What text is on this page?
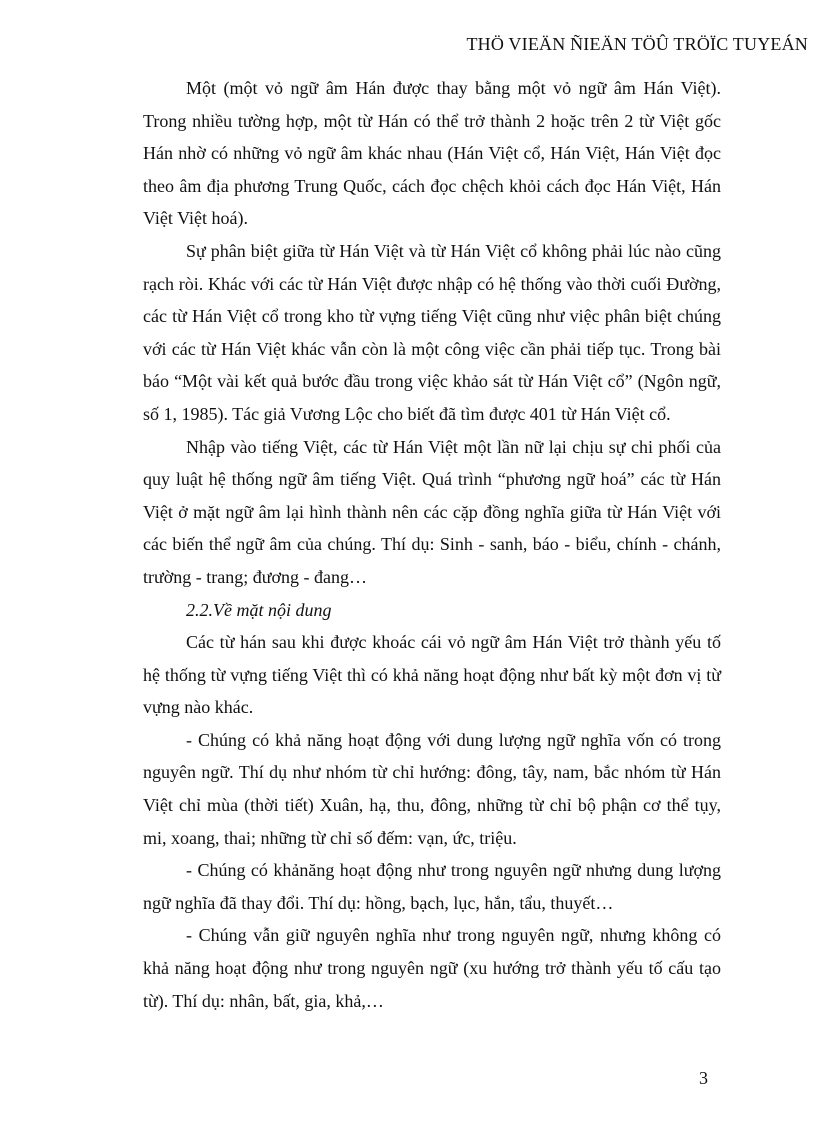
THÖ VIEÄN ÑIEÄN TÖÛ TRÖÏC TUYEÁN

Một (một vỏ ngữ âm Hán được thay bằng một vỏ ngữ âm Hán Việt). Trong nhiều tường hợp, một từ Hán có thể trở thành 2 hoặc trên 2 từ Việt gốc Hán nhờ có những vỏ ngữ âm khác nhau (Hán Việt cổ, Hán Việt, Hán Việt đọc theo âm địa phương Trung Quốc, cách đọc chệch khỏi cách đọc Hán Việt, Hán Việt Việt hoá).

Sự phân biệt giữa từ Hán Việt và từ Hán Việt cổ không phải lúc nào cũng rạch ròi. Khác với các từ Hán Việt được nhập có hệ thống vào thời cuối Đường, các từ Hán Việt cổ trong kho từ vựng tiếng Việt cũng như việc phân biệt chúng với các từ Hán Việt khác vẫn còn là một công việc cần phải tiếp tục. Trong bài báo “Một vài kết quả bước đầu trong việc khảo sát từ Hán Việt cổ” (Ngôn ngữ, số 1, 1985). Tác giả Vương Lộc cho biết đã tìm được 401 từ Hán Việt cổ.

Nhập vào tiếng Việt, các từ Hán Việt một lần nữ lại chịu sự chi phối của quy luật hệ thống ngữ âm tiếng Việt. Quá trình “phương ngữ hoá” các từ Hán Việt ở mặt ngữ âm lại hình thành nên các cặp đồng nghĩa giữa từ Hán Việt với các biến thể ngữ âm của chúng. Thí dụ: Sinh - sanh, báo - biểu, chính - chánh, trường - trang; đương - đang…

2.2.Về mặt nội dung

Các từ hán sau khi được khoác cái vỏ ngữ âm Hán Việt trở thành yếu tố hệ thống từ vựng tiếng Việt thì có khả năng hoạt động như bất kỳ một đơn vị từ vựng nào khác.

- Chúng có khả năng hoạt động với dung lượng ngữ nghĩa vốn có trong nguyên ngữ. Thí dụ như nhóm từ chỉ hướng: đông, tây, nam, bắc nhóm từ Hán Việt chỉ mùa (thời tiết) Xuân, hạ, thu, đông, những từ chỉ bộ phận cơ thể tụy, mi, xoang, thai; những từ chỉ số đếm: vạn, ức, triệu.

- Chúng có khảnăng hoạt động như trong nguyên ngữ nhưng dung lượng ngữ nghĩa đã thay đổi. Thí dụ: hồng, bạch, lục, hắn, tẩu, thuyết…

- Chúng vẫn giữ nguyên nghĩa như trong nguyên ngữ, nhưng không có khả năng hoạt động như trong nguyên ngữ (xu hướng trở thành yếu tố cấu tạo từ). Thí dụ: nhân, bất, gia, khả,…

3
